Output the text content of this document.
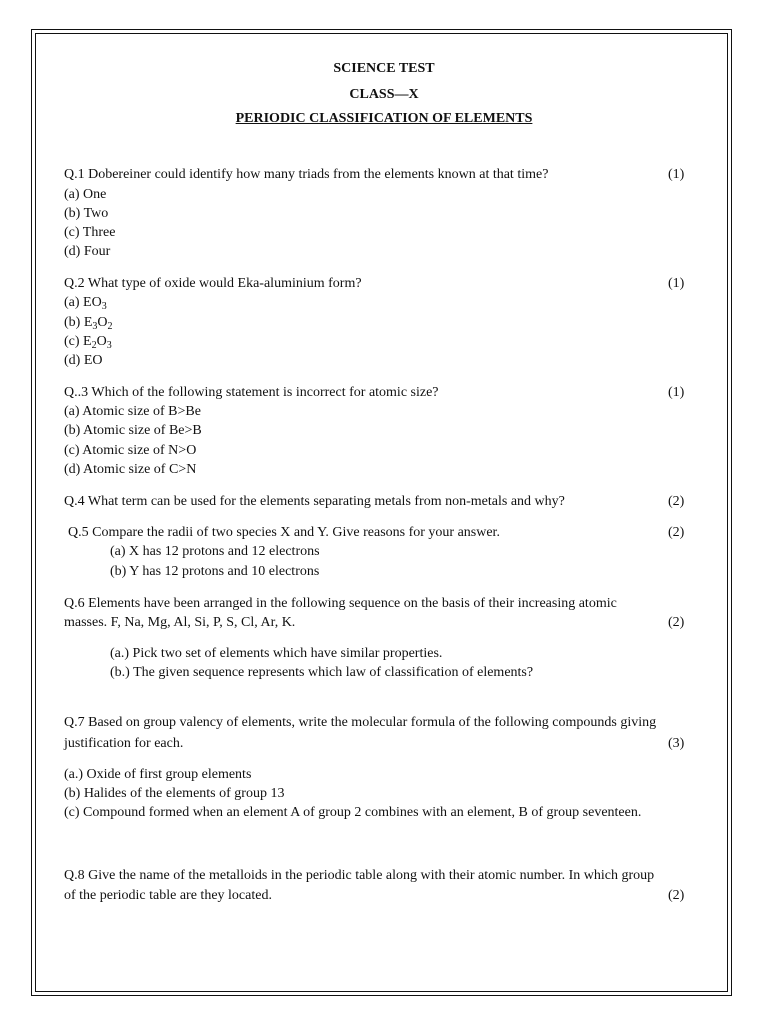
SCIENCE TEST
CLASS—X
PERIODIC CLASSIFICATION OF ELEMENTS
Q.1 Dobereiner could identify how many triads from the elements known at that time?	(1)
(a) One
(b) Two
(c) Three
(d) Four
Q.2 What type of oxide would Eka-aluminium form?	(1)
(a) $EO_3$
(b) $E_3O_2$
(c) $E_2O_3$
(d) EO
Q..3 Which of the following statement is incorrect for atomic size?	(1)
(a) Atomic size of B>Be
(b) Atomic size of Be>B
(c) Atomic size of N>O
(d) Atomic size of C>N
Q.4 What term can be used for the elements separating metals from non-metals and why?	(2)
Q.5 Compare the radii of two species X and Y. Give reasons for your answer.	(2)
(a) X has 12 protons and 12 electrons
(b) Y has 12 protons and 10 electrons
Q.6 Elements have been arranged in the following sequence on the basis of their increasing atomic
masses. F, Na, Mg, Al, Si, P, S, Cl, Ar, K.	(2)
(a.) Pick two set of elements which have similar properties.
(b.) The given sequence represents which law of classification of elements?
Q.7 Based on group valency of elements, write the molecular formula of the following compounds giving
justification for each.	(3)
(a.) Oxide of first group elements
(b) Halides of the elements of group 13
(c) Compound formed when an element A of group 2 combines with an element, B of group seventeen.
Q.8 Give the name of the metalloids in the periodic table along with their atomic number. In which group
of the periodic table are they located.	(2)
